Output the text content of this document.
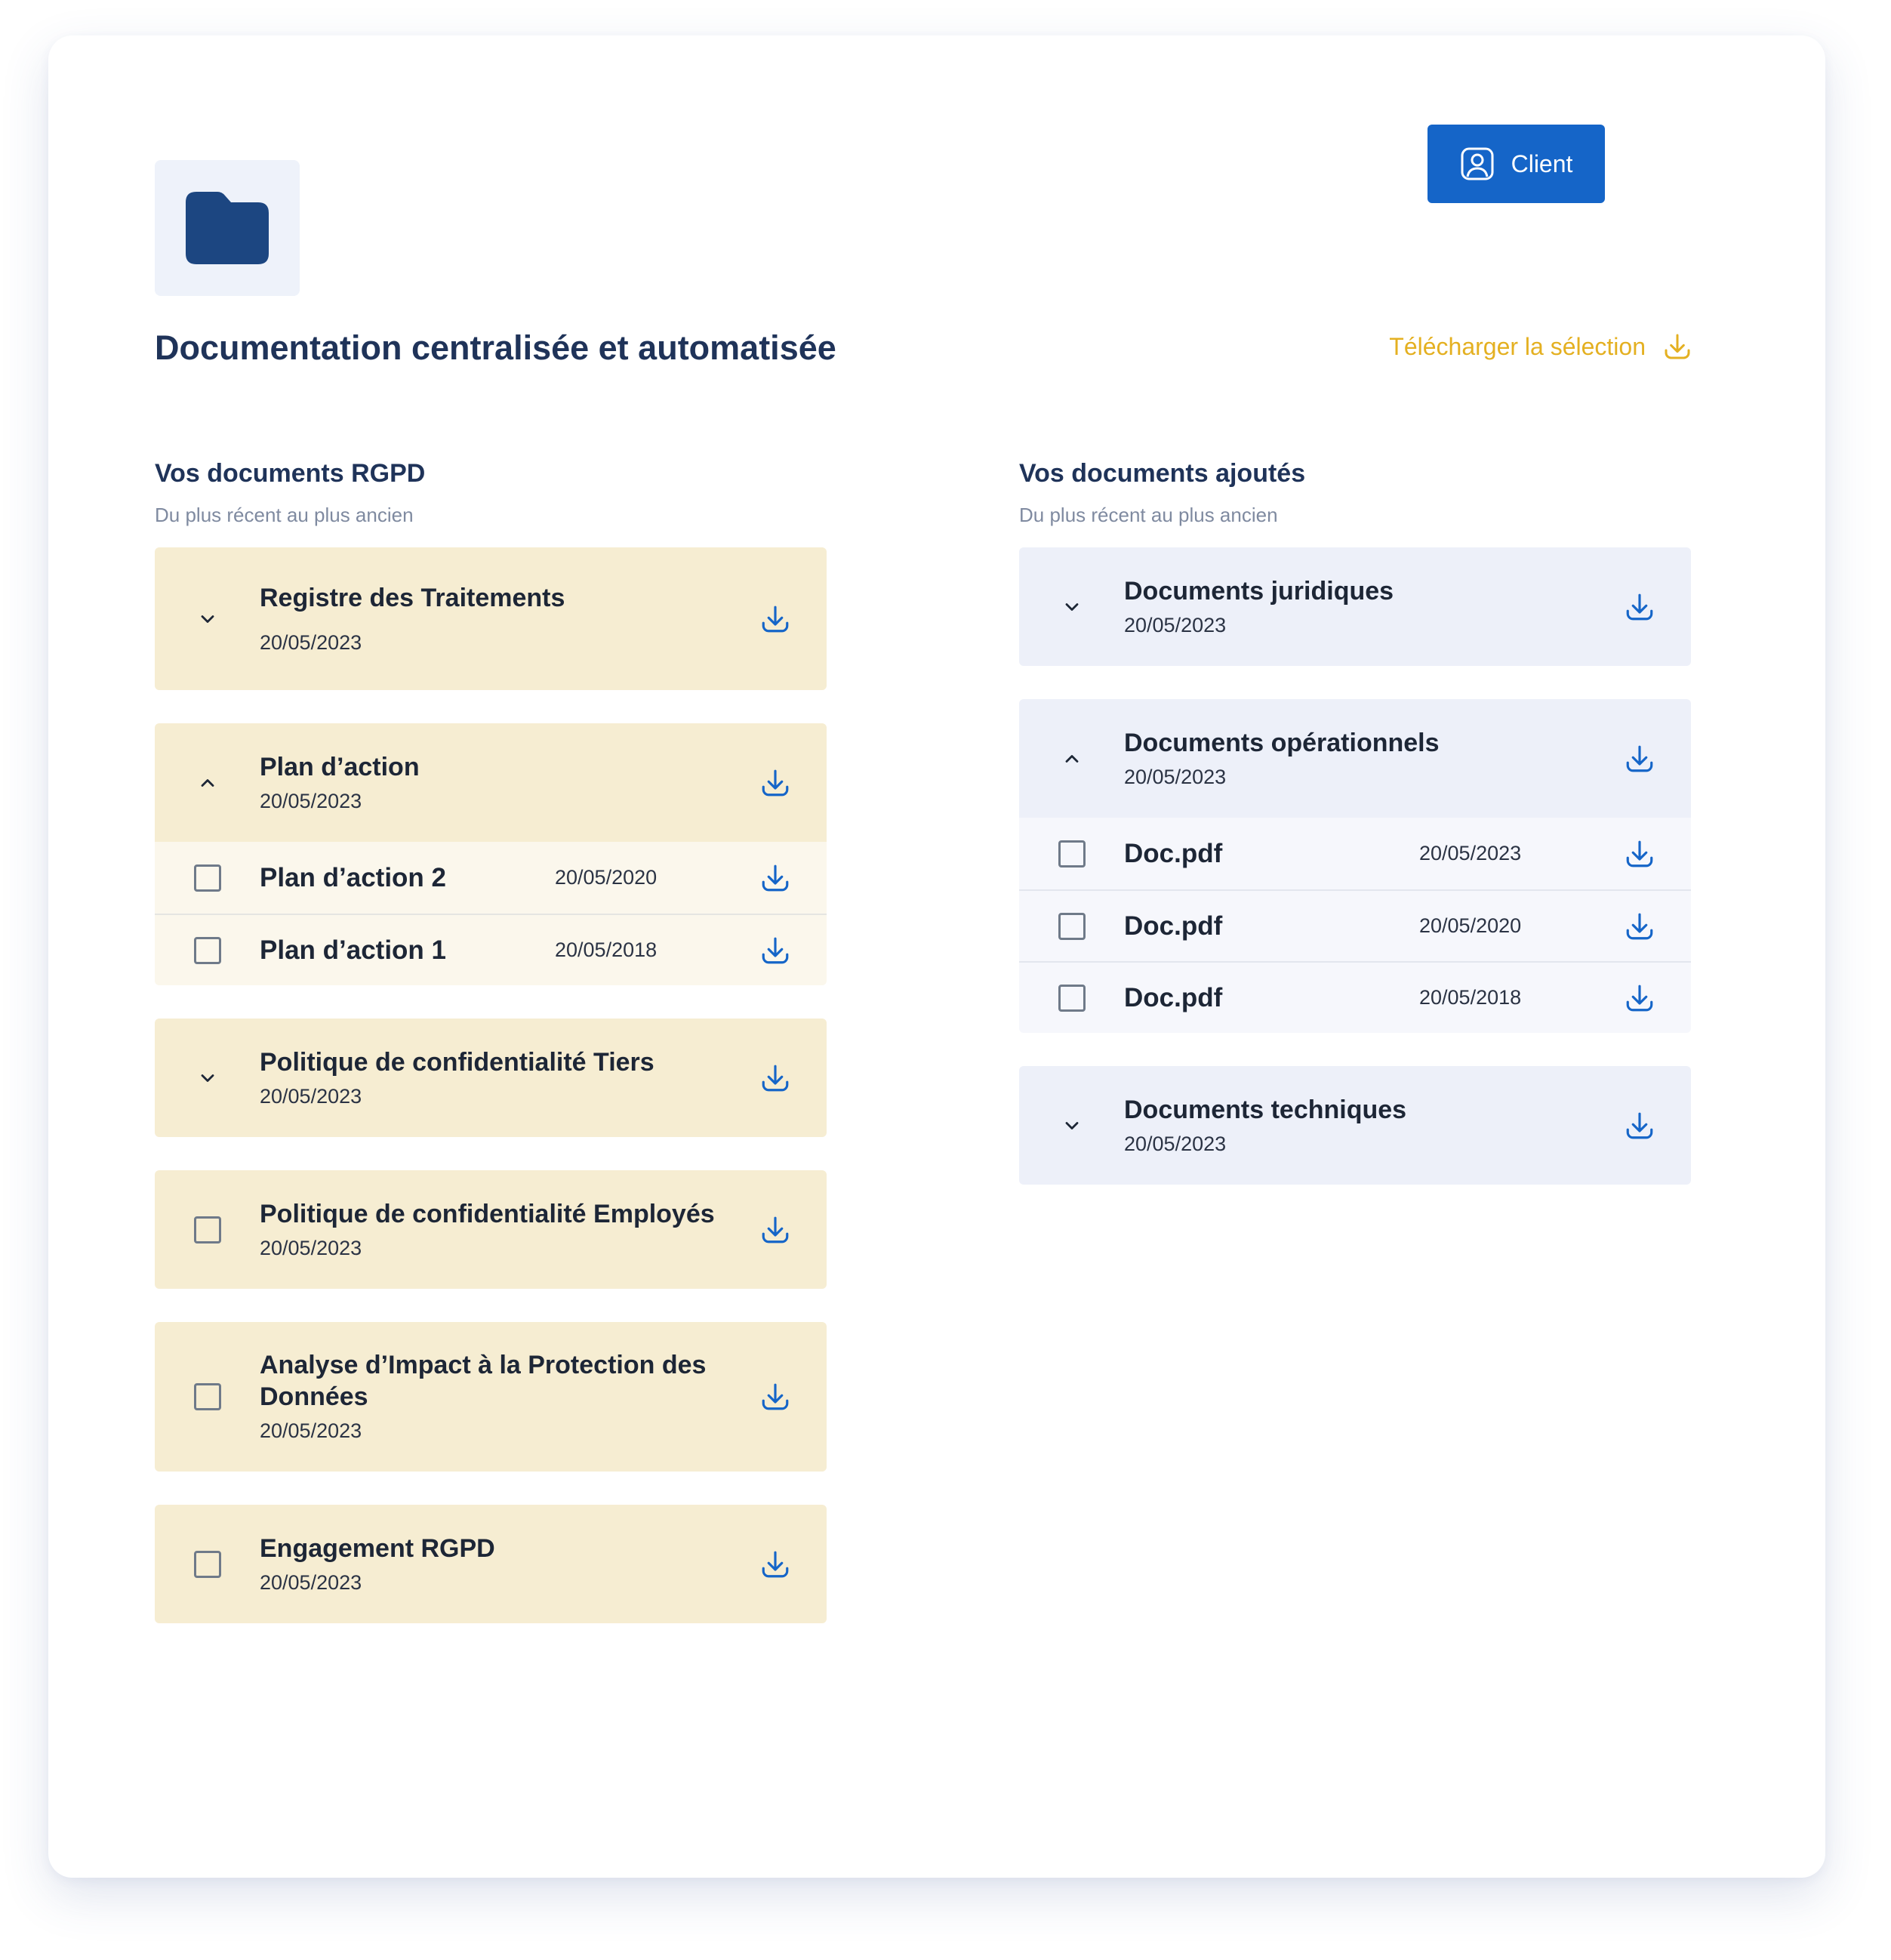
Client
Documentation centralisée et automatisée	Télécharger la sélection
Vos documents RGPD
Du plus récent au plus ancien
Registre des Traitements
20/05/2023
Plan d’action
20/05/2023
Plan d’action 2	20/05/2020
Plan d’action 1	20/05/2018
Politique de confidentialité Tiers
20/05/2023
Politique de confidentialité Employés
20/05/2023
Analyse d’Impact à la Protection des
Données
20/05/2023
Engagement RGPD
20/05/2023
Vos documents ajoutés
Du plus récent au plus ancien
Documents juridiques
20/05/2023
Documents opérationnels
20/05/2023
Doc.pdf	20/05/2023
Doc.pdf	20/05/2020
Doc.pdf	20/05/2018
Documents techniques
20/05/2023
